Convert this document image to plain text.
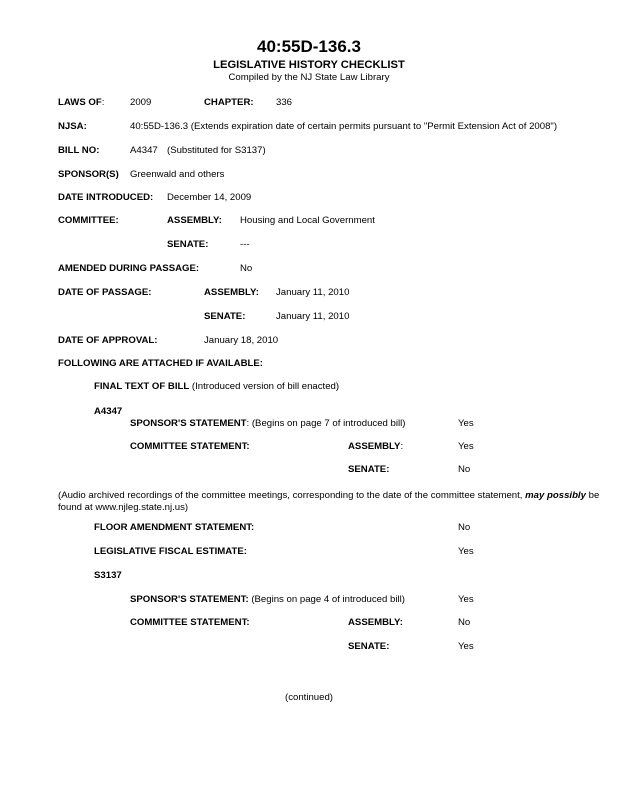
40:55D-136.3
LEGISLATIVE HISTORY CHECKLIST
Compiled by the NJ State Law Library
LAWS OF:	2009	CHAPTER: 336
NJSA:	40:55D-136.3 (Extends expiration date of certain permits pursuant to "Permit Extension Act of 2008")
BILL NO:	A4347 (Substituted for S3137)
SPONSOR(S) Greenwald and others
DATE INTRODUCED: December 14, 2009
COMMITTEE:	ASSEMBLY: Housing and Local Government
SENATE:	---
AMENDED DURING PASSAGE:	No
DATE OF PASSAGE:	ASSEMBLY: January 11, 2010
SENATE:	January 11, 2010
DATE OF APPROVAL:	January 18, 2010
FOLLOWING ARE ATTACHED IF AVAILABLE:
FINAL TEXT OF BILL (Introduced version of bill enacted)
A4347
SPONSOR'S STATEMENT: (Begins on page 7 of introduced bill)	Yes
COMMITTEE STATEMENT:	ASSEMBLY:	Yes
SENATE:	No
(Audio archived recordings of the committee meetings, corresponding to the date of the committee statement, may possibly be found at www.njleg.state.nj.us)
FLOOR AMENDMENT STATEMENT:	No
LEGISLATIVE FISCAL ESTIMATE:	Yes
S3137
SPONSOR'S STATEMENT: (Begins on page 4 of introduced bill)	Yes
COMMITTEE STATEMENT:	ASSEMBLY:	No
SENATE:	Yes
(continued)
